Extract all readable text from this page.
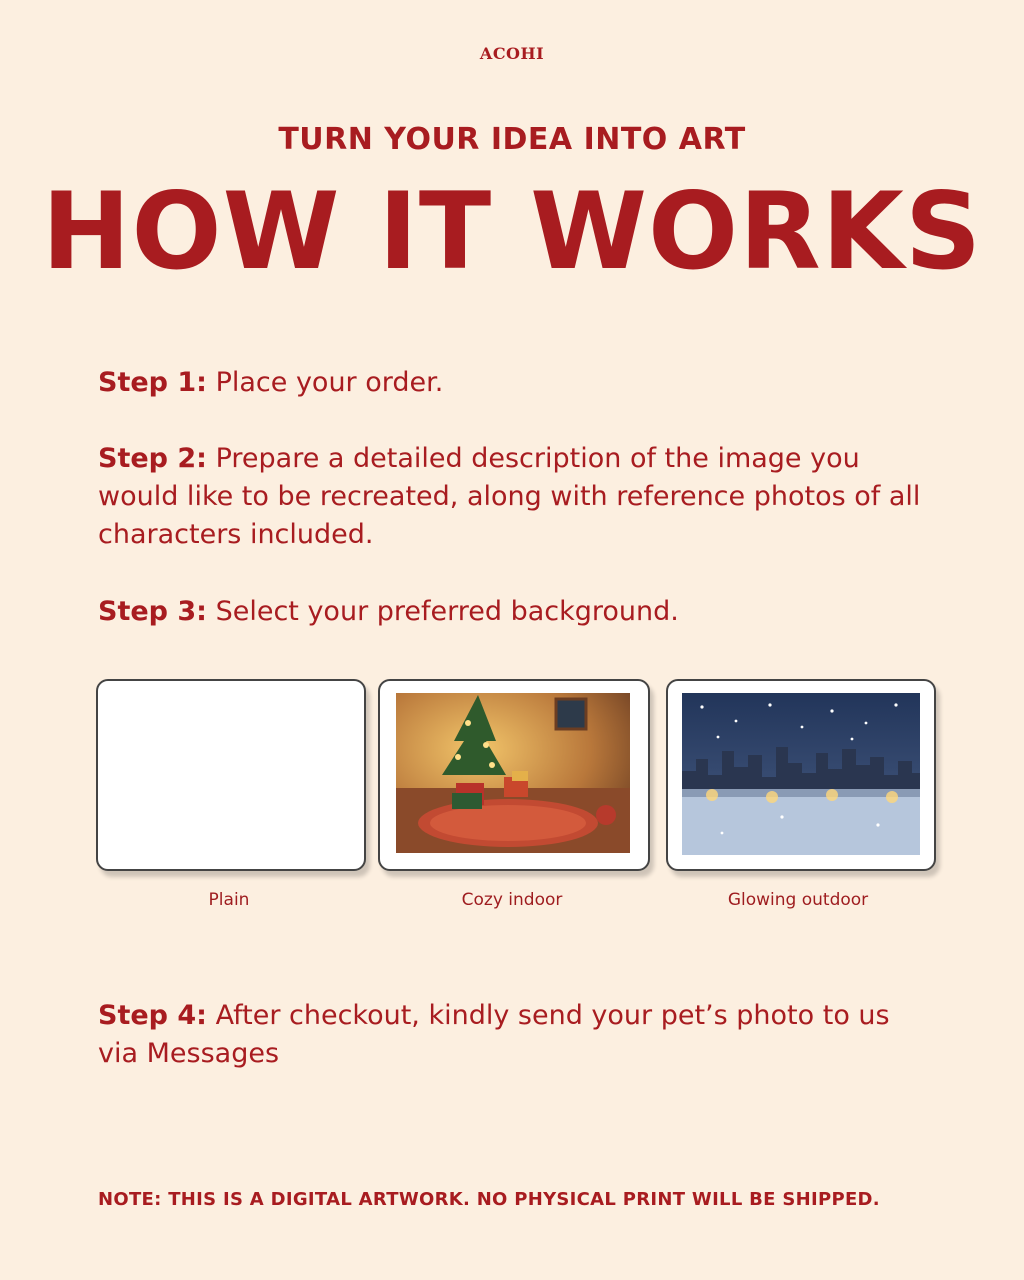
ACOHI
TURN YOUR IDEA INTO ART
HOW IT WORKS
Step 1: Place your order.
Step 2: Prepare a detailed description of the image you would like to be recreated, along with reference photos of all characters included.
Step 3: Select your preferred background.
Plain	Cozy indoor	Glowing outdoor
Step 4: After checkout, kindly send your pet’s photo to us via Messages
NOTE: THIS IS A DIGITAL ARTWORK. NO PHYSICAL PRINT WILL BE SHIPPED.
